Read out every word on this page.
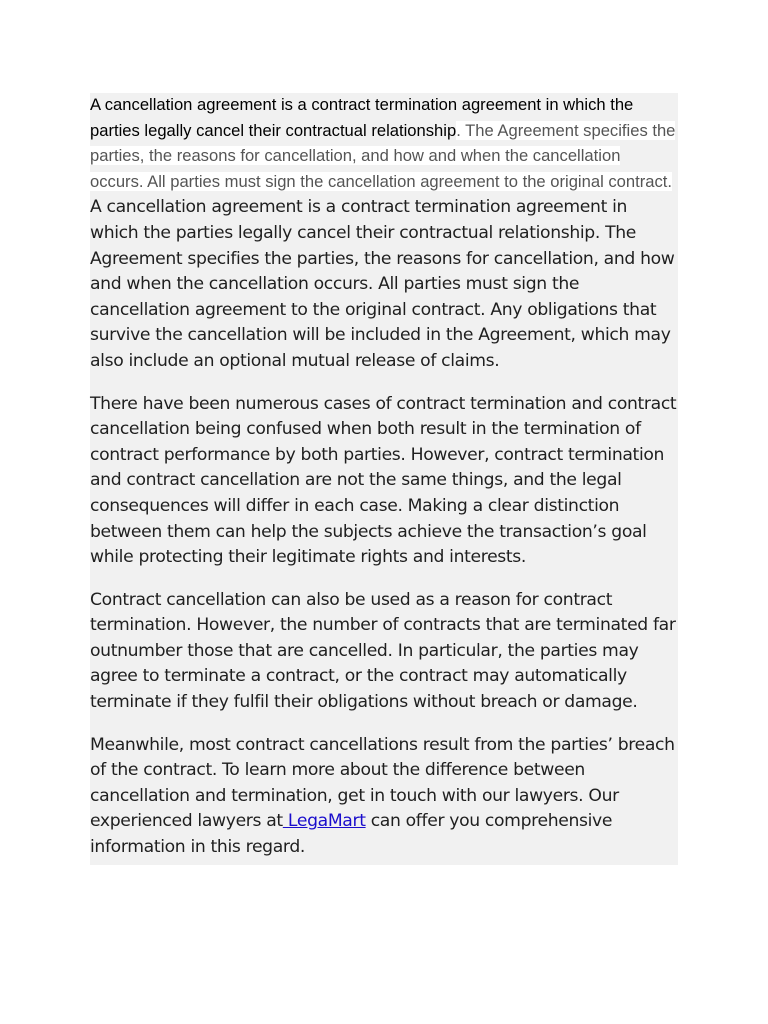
A cancellation agreement is a contract termination agreement in which the parties legally cancel their contractual relationship. The Agreement specifies the parties, the reasons for cancellation, and how and when the cancellation occurs. All parties must sign the cancellation agreement to the original contract. A cancellation agreement is a contract termination agreement in which the parties legally cancel their contractual relationship. The Agreement specifies the parties, the reasons for cancellation, and how and when the cancellation occurs. All parties must sign the cancellation agreement to the original contract. Any obligations that survive the cancellation will be included in the Agreement, which may also include an optional mutual release of claims.

There have been numerous cases of contract termination and contract cancellation being confused when both result in the termination of contract performance by both parties. However, contract termination and contract cancellation are not the same things, and the legal consequences will differ in each case. Making a clear distinction between them can help the subjects achieve the transaction’s goal while protecting their legitimate rights and interests.

Contract cancellation can also be used as a reason for contract termination. However, the number of contracts that are terminated far outnumber those that are cancelled. In particular, the parties may agree to terminate a contract, or the contract may automatically terminate if they fulfil their obligations without breach or damage.

Meanwhile, most contract cancellations result from the parties’ breach of the contract. To learn more about the difference between cancellation and termination, get in touch with our lawyers. Our experienced lawyers at LegaMart can offer you comprehensive information in this regard.
